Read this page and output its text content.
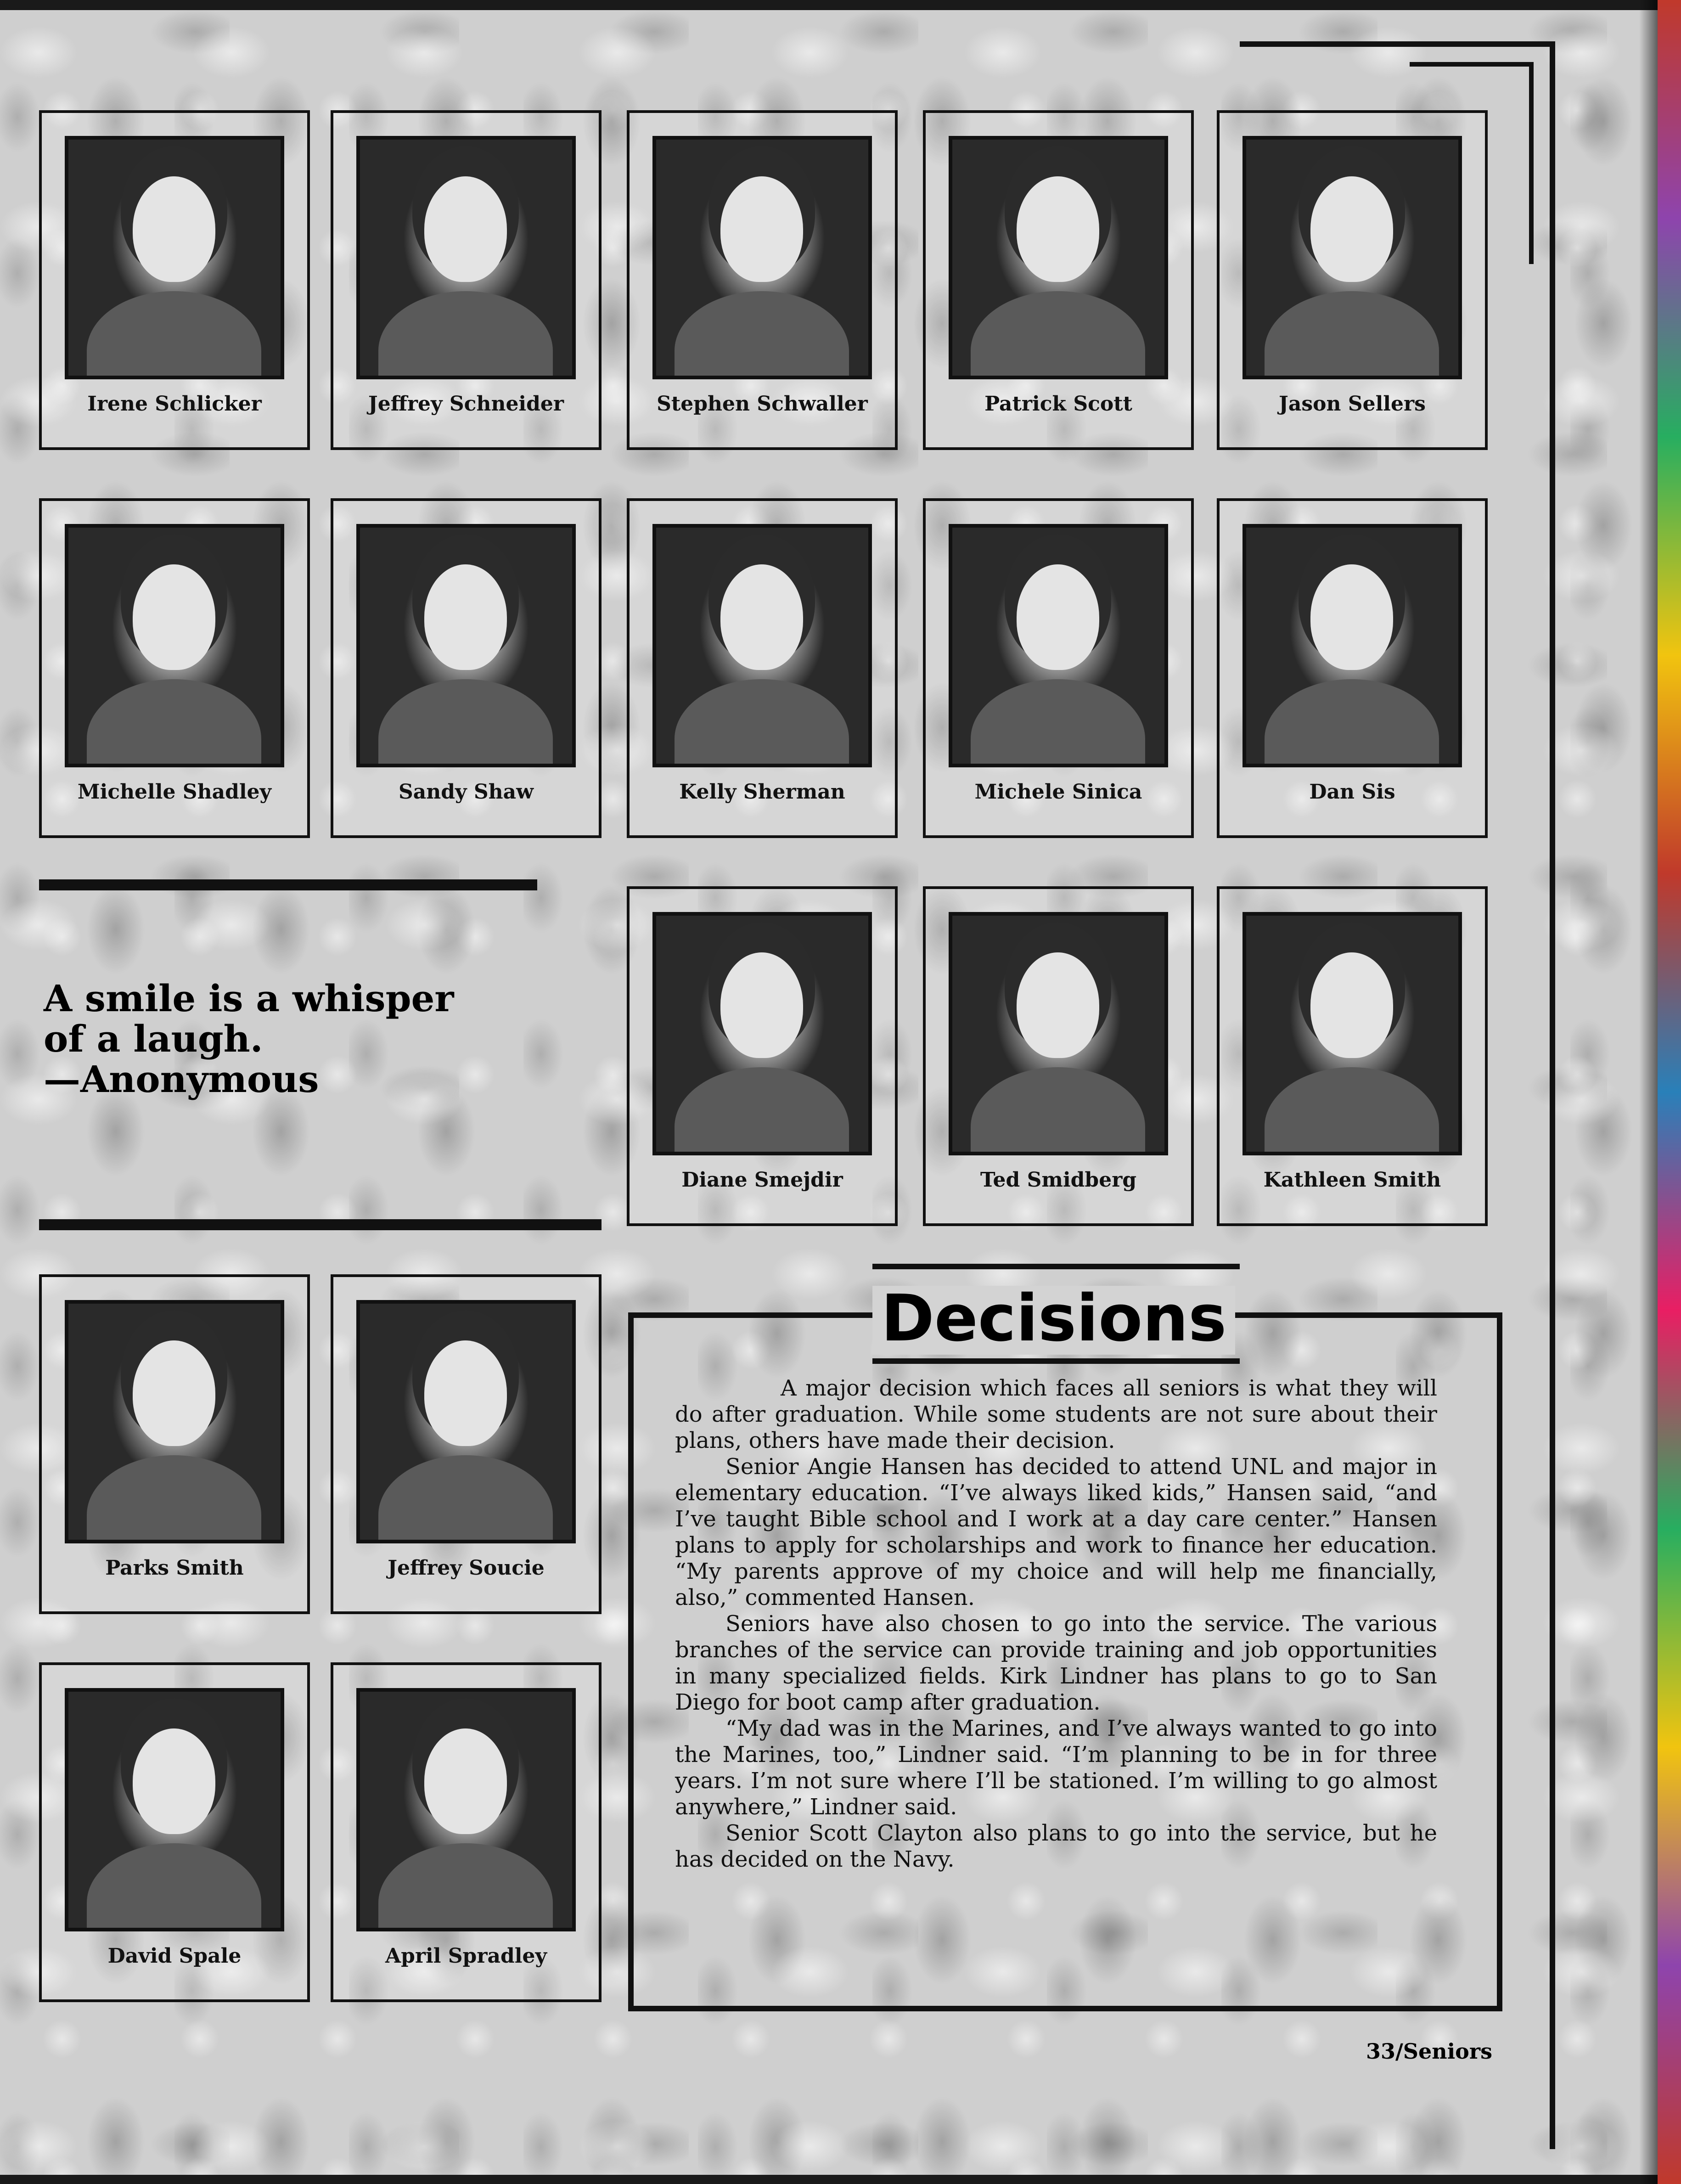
Irene Schlicker	Jeffrey Schneider	Stephen Schwaller	Patrick Scott	Jason Sellers
Michelle Shadley	Sandy Shaw	Kelly Sherman	Michele Sinica	Dan Sis
A smile is a whisper
of a laugh.
—Anonymous
Diane Smejdir	Ted Smidberg	Kathleen Smith
Parks Smith	Jeffrey Soucie
David Spale	April Spradley
Decisions

A major decision which faces all seniors is what they will do after graduation. While some students are not sure about their plans, others have made their decision.

Senior Angie Hansen has decided to attend UNL and major in elementary education. “I’ve always liked kids,” Hansen said, “and I’ve taught Bible school and I work at a day care center.” Hansen plans to apply for scholarships and work to finance her education. “My parents approve of my choice and will help me financially, also,” commented Hansen.

Seniors have also chosen to go into the service. The various branches of the service can provide training and job opportunities in many specialized fields. Kirk Lindner has plans to go to San Diego for boot camp after graduation.

“My dad was in the Marines, and I’ve always wanted to go into the Marines, too,” Lindner said. “I’m planning to be in for three years. I’m not sure where I’ll be stationed. I’m willing to go almost anywhere,” Lindner said.

Senior Scott Clayton also plans to go into the service, but he has decided on the Navy.

33/Seniors
